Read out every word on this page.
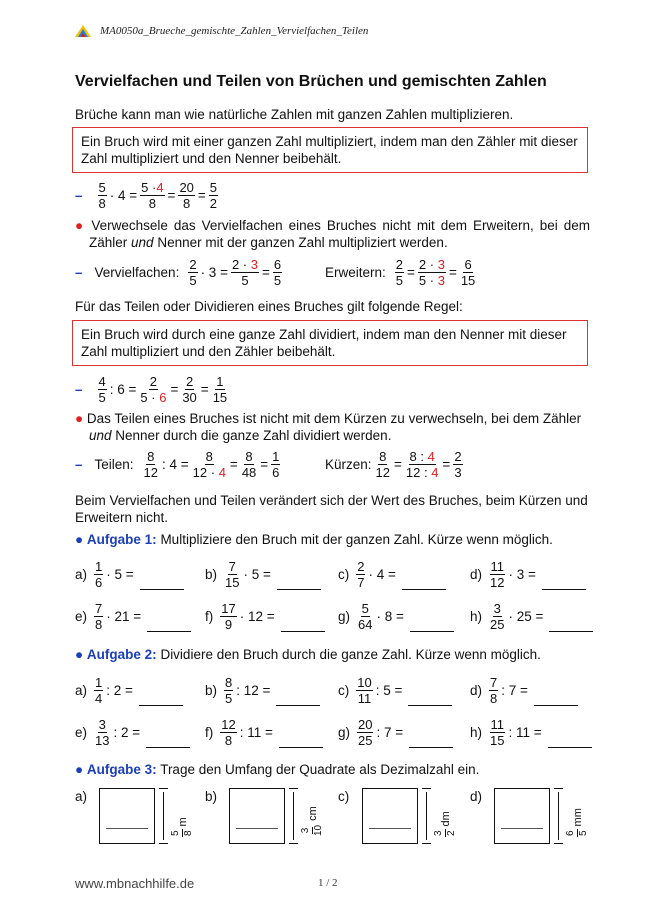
MA0050a_Brueche_gemischte_Zahlen_Vervielfachen_Teilen
Vervielfachen und Teilen von Brüchen und gemischten Zahlen
Brüche kann man wie natürliche Zahlen mit ganzen Zahlen multiplizieren.
Ein Bruch wird mit einer ganzen Zahl multipliziert, indem man den Zähler mit dieser Zahl multipliziert und den Nenner beibehält.
– $\frac{5}{8} \cdot 4 = \frac{5 \cdot 4}{8} = \frac{20}{8} = \frac{5}{2}$
● Verwechsele das Vervielfachen eines Bruches nicht mit dem Erweitern, bei dem Zähler und Nenner mit der ganzen Zahl multipliziert werden.
– Vervielfachen: $\frac{2}{5} \cdot 3 = \frac{2 \cdot 3}{5} = \frac{6}{5}$	Erweitern: $\frac{2}{5} = \frac{2 \cdot 3}{5 \cdot 3} = \frac{6}{15}$
Für das Teilen oder Dividieren eines Bruches gilt folgende Regel:
Ein Bruch wird durch eine ganze Zahl dividiert, indem man den Nenner mit dieser Zahl multipliziert und den Zähler beibehält.
– $\frac{4}{5}$ : $6 = \frac{2}{5 \cdot 6} = \frac{2}{30} = \frac{1}{15}$
● Das Teilen eines Bruches ist nicht mit dem Kürzen zu verwechseln, bei dem Zähler und Nenner durch die ganze Zahl dividiert werden.
– Teilen: $\frac{8}{12}$ : $4 = \frac{8}{12 \cdot 4} = \frac{8}{48} = \frac{1}{6}$	Kürzen: $\frac{8}{12} = \frac{8 : 4}{12 : 4} = \frac{2}{3}$
Beim Vervielfachen und Teilen verändert sich der Wert des Bruches, beim Kürzen und Erweitern nicht.
● Aufgabe 1: Multipliziere den Bruch mit der ganzen Zahl. Kürze wenn möglich.
$a) \frac{1}{6} \cdot 5$ =	$b) \frac{7}{15} \cdot 5$ =	$c) \frac{2}{7} \cdot 4$ =	$d) \frac{11}{12} \cdot 3$ =
$e) \frac{7}{8} \cdot 21$ =	$f) \frac{17}{9} \cdot 12$ =	$g) \frac{5}{64} \cdot 8$ =	$h) \frac{3}{25} \cdot 25$ =
● Aufgabe 2: Dividiere den Bruch durch die ganze Zahl. Kürze wenn möglich.
$a) \frac{1}{4}$ : 2 =	$b) \frac{8}{5}$ : 12 =	$c) \frac{10}{11}$ : 5 =	$d) \frac{7}{8}$ : 7 =
$e) \frac{3}{13}$ : 2 =	$f) \frac{12}{8}$ : 11 =	$g) \frac{20}{25}$ : 7 =	$h) \frac{11}{15}$ : 11 =
● Aufgabe 3: Trage den Umfang der Quadrate als Dezimalzahl ein.
a)
5 8
m
b)
3 10
cm
c)
3 2
dm
d)
6 5
mm
www.mbnachhilfe.de	1 / 2
